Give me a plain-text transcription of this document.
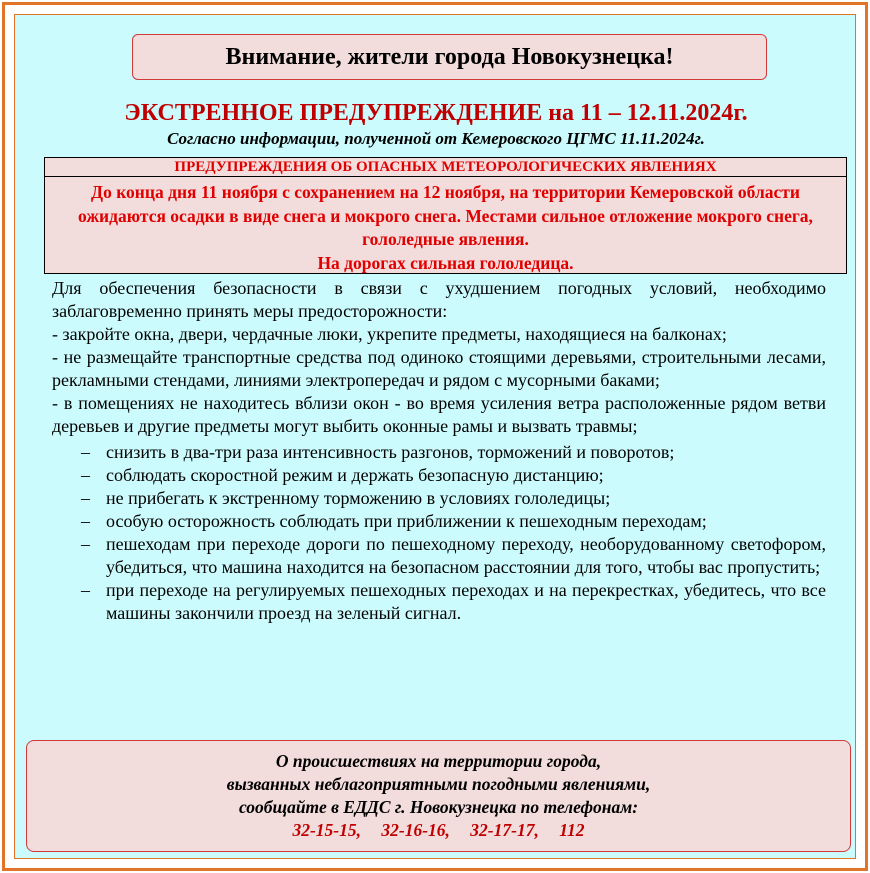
Внимание, жители города Новокузнецка!
ЭКСТРЕННОЕ ПРЕДУПРЕЖДЕНИЕ на 11 – 12.11.2024г.
Согласно информации, полученной от Кемеровского ЦГМС 11.11.2024г.
ПРЕДУПРЕЖДЕНИЯ ОБ ОПАСНЫХ МЕТЕОРОЛОГИЧЕСКИХ ЯВЛЕНИЯХ
До конца дня 11 ноября с сохранением на 12 ноября, на территории Кемеровской области ожидаются осадки в виде снега и мокрого снега. Местами сильное отложение мокрого снега, гололедные явления.
На дорогах сильная гололедица.

Для обеспечения безопасности в связи с ухудшением погодных условий, необходимо заблаговременно принять меры предосторожности:

- закройте окна, двери, чердачные люки, укрепите предметы, находящиеся на балконах;

- не размещайте транспортные средства под одиноко стоящими деревьями, строительными лесами, рекламными стендами, линиями электропередач и рядом с мусорными баками;

- в помещениях не находитесь вблизи окон - во время усиления ветра расположенные рядом ветви деревьев и другие предметы могут выбить оконные рамы и вызвать травмы;

– снизить в два-три раза интенсивность разгонов, торможений и поворотов;
– соблюдать скоростной режим и держать безопасную дистанцию;
– не прибегать к экстренному торможению в условиях гололедицы;
– особую осторожность соблюдать при приближении к пешеходным переходам;
– пешеходам при переходе дороги по пешеходному переходу, необорудованному светофором, убедиться, что машина находится на безопасном расстоянии для того, чтобы вас пропустить;
– при переходе на регулируемых пешеходных переходах и на перекрестках, убедитесь, что все машины закончили проезд на зеленый сигнал.
О происшествиях на территории города,
вызванных неблагоприятными погодными явлениями,
сообщайте в ЕДДС г. Новокузнецка по телефонам:
32-15-15, 32-16-16, 32-17-17, 112
